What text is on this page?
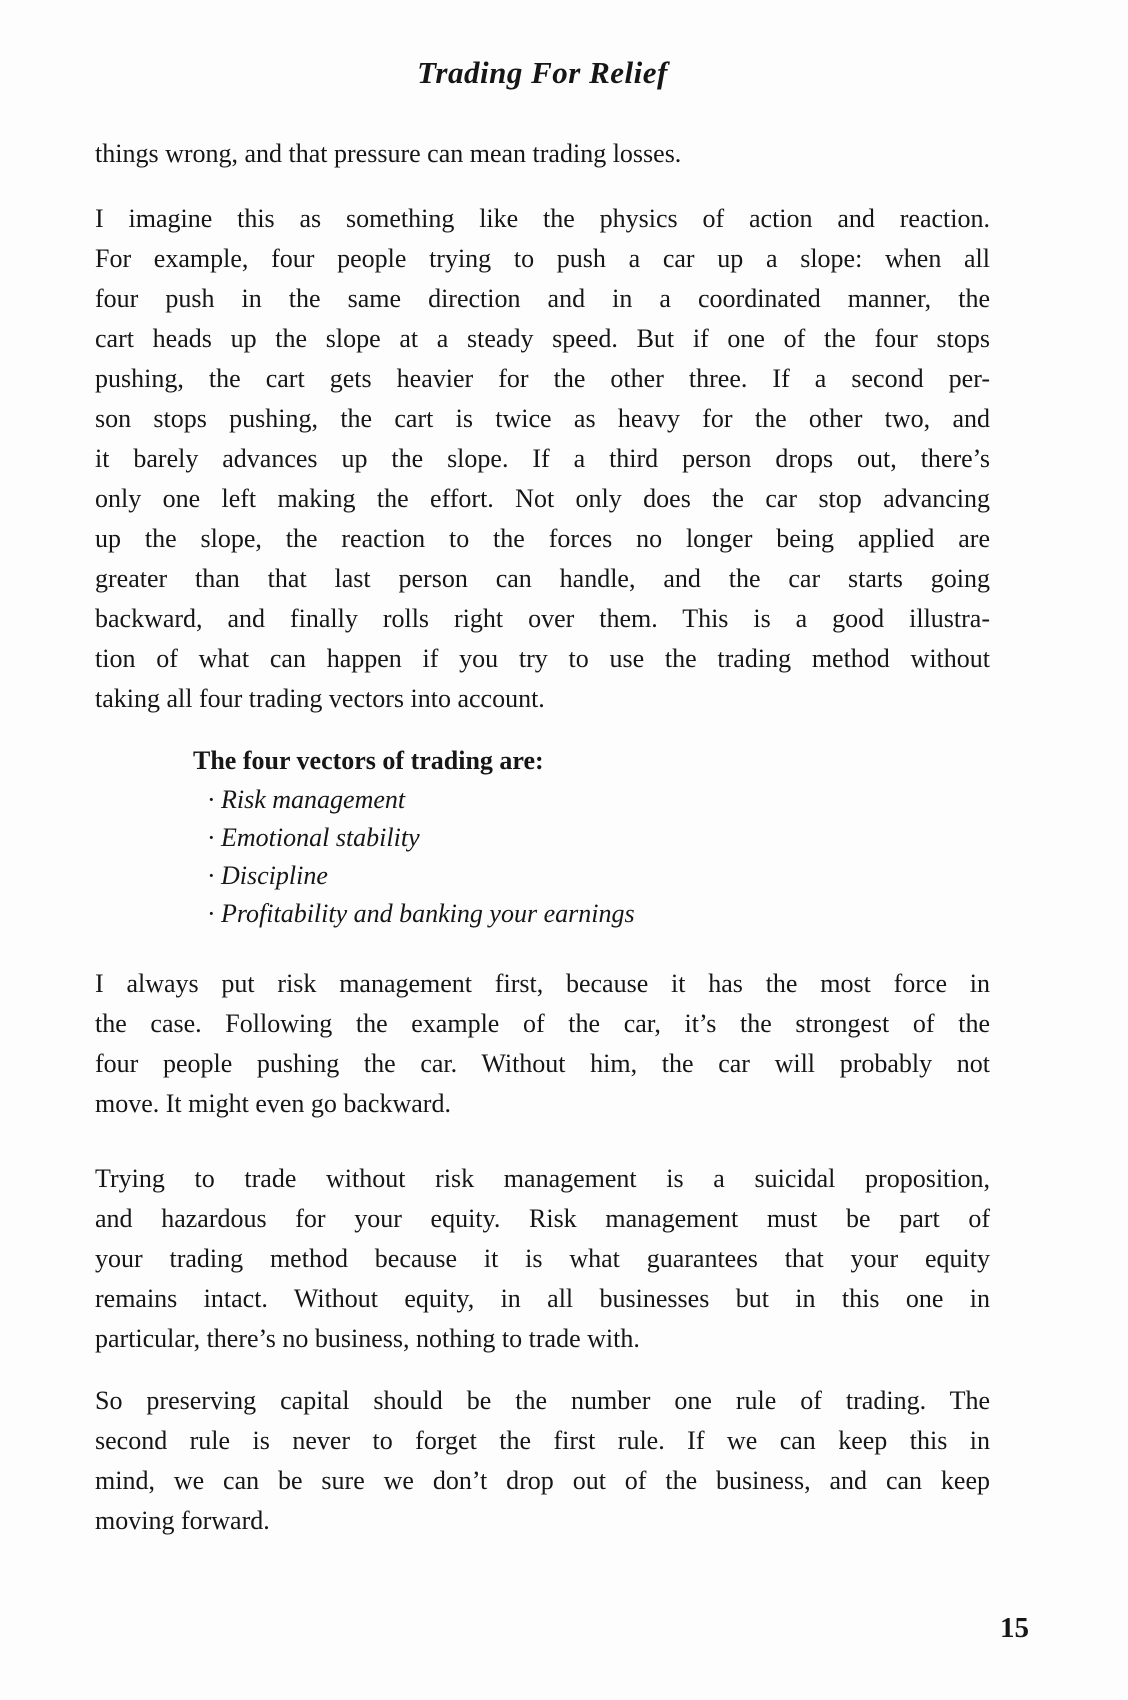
Trading For Relief
things wrong, and that pressure can mean trading losses.
I imagine this as something like the physics of action and reaction.
For example, four people trying to push a car up a slope: when all
four push in the same direction and in a coordinated manner, the
cart heads up the slope at a steady speed. But if one of the four stops
pushing, the cart gets heavier for the other three. If a second per-
son stops pushing, the cart is twice as heavy for the other two, and
it barely advances up the slope. If a third person drops out, there’s
only one left making the effort. Not only does the car stop advancing
up the slope, the reaction to the forces no longer being applied are
greater than that last person can handle, and the car starts going
backward, and finally rolls right over them. This is a good illustra-
tion of what can happen if you try to use the trading method without
taking all four trading vectors into account.
The four vectors of trading are:
· Risk management
· Emotional stability
· Discipline
· Profitability and banking your earnings
I always put risk management first, because it has the most force in
the case. Following the example of the car, it’s the strongest of the
four people pushing the car. Without him, the car will probably not
move. It might even go backward.
Trying to trade without risk management is a suicidal proposition,
and hazardous for your equity. Risk management must be part of
your trading method because it is what guarantees that your equity
remains intact. Without equity, in all businesses but in this one in
particular, there’s no business, nothing to trade with.
So preserving capital should be the number one rule of trading. The
second rule is never to forget the first rule. If we can keep this in
mind, we can be sure we don’t drop out of the business, and can keep
moving forward.
15
